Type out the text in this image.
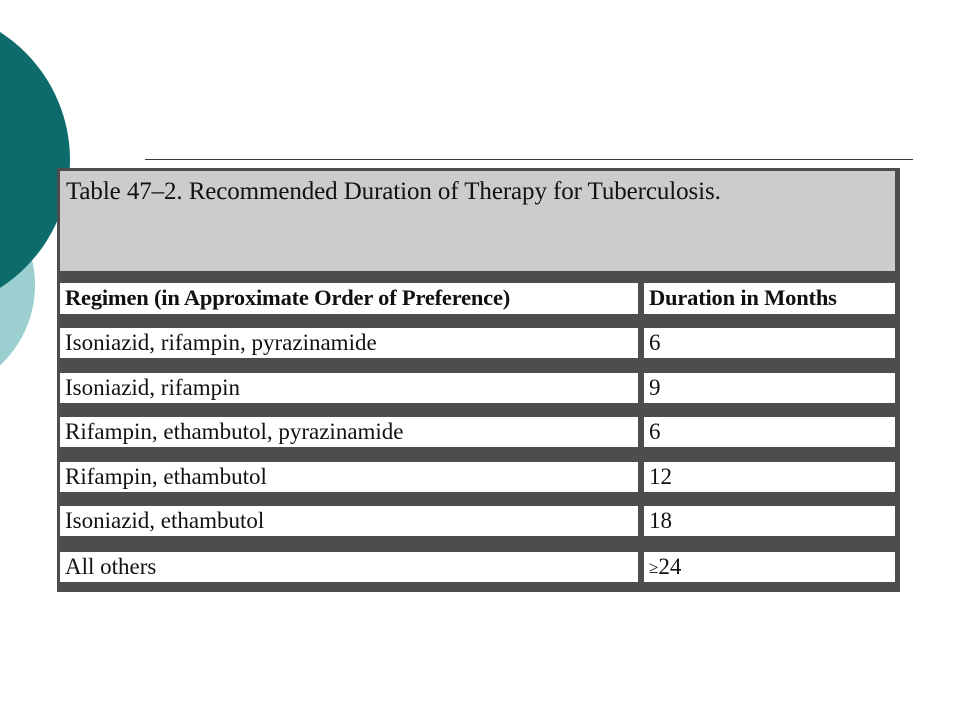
Table 47–2. Recommended Duration of Therapy for Tuberculosis.
Regimen (in Approximate Order of Preference)	Duration in Months
Isoniazid, rifampin, pyrazinamide	6
Isoniazid, rifampin	9
Rifampin, ethambutol, pyrazinamide	6
Rifampin, ethambutol	12
Isoniazid, ethambutol	18
All others	≥24
